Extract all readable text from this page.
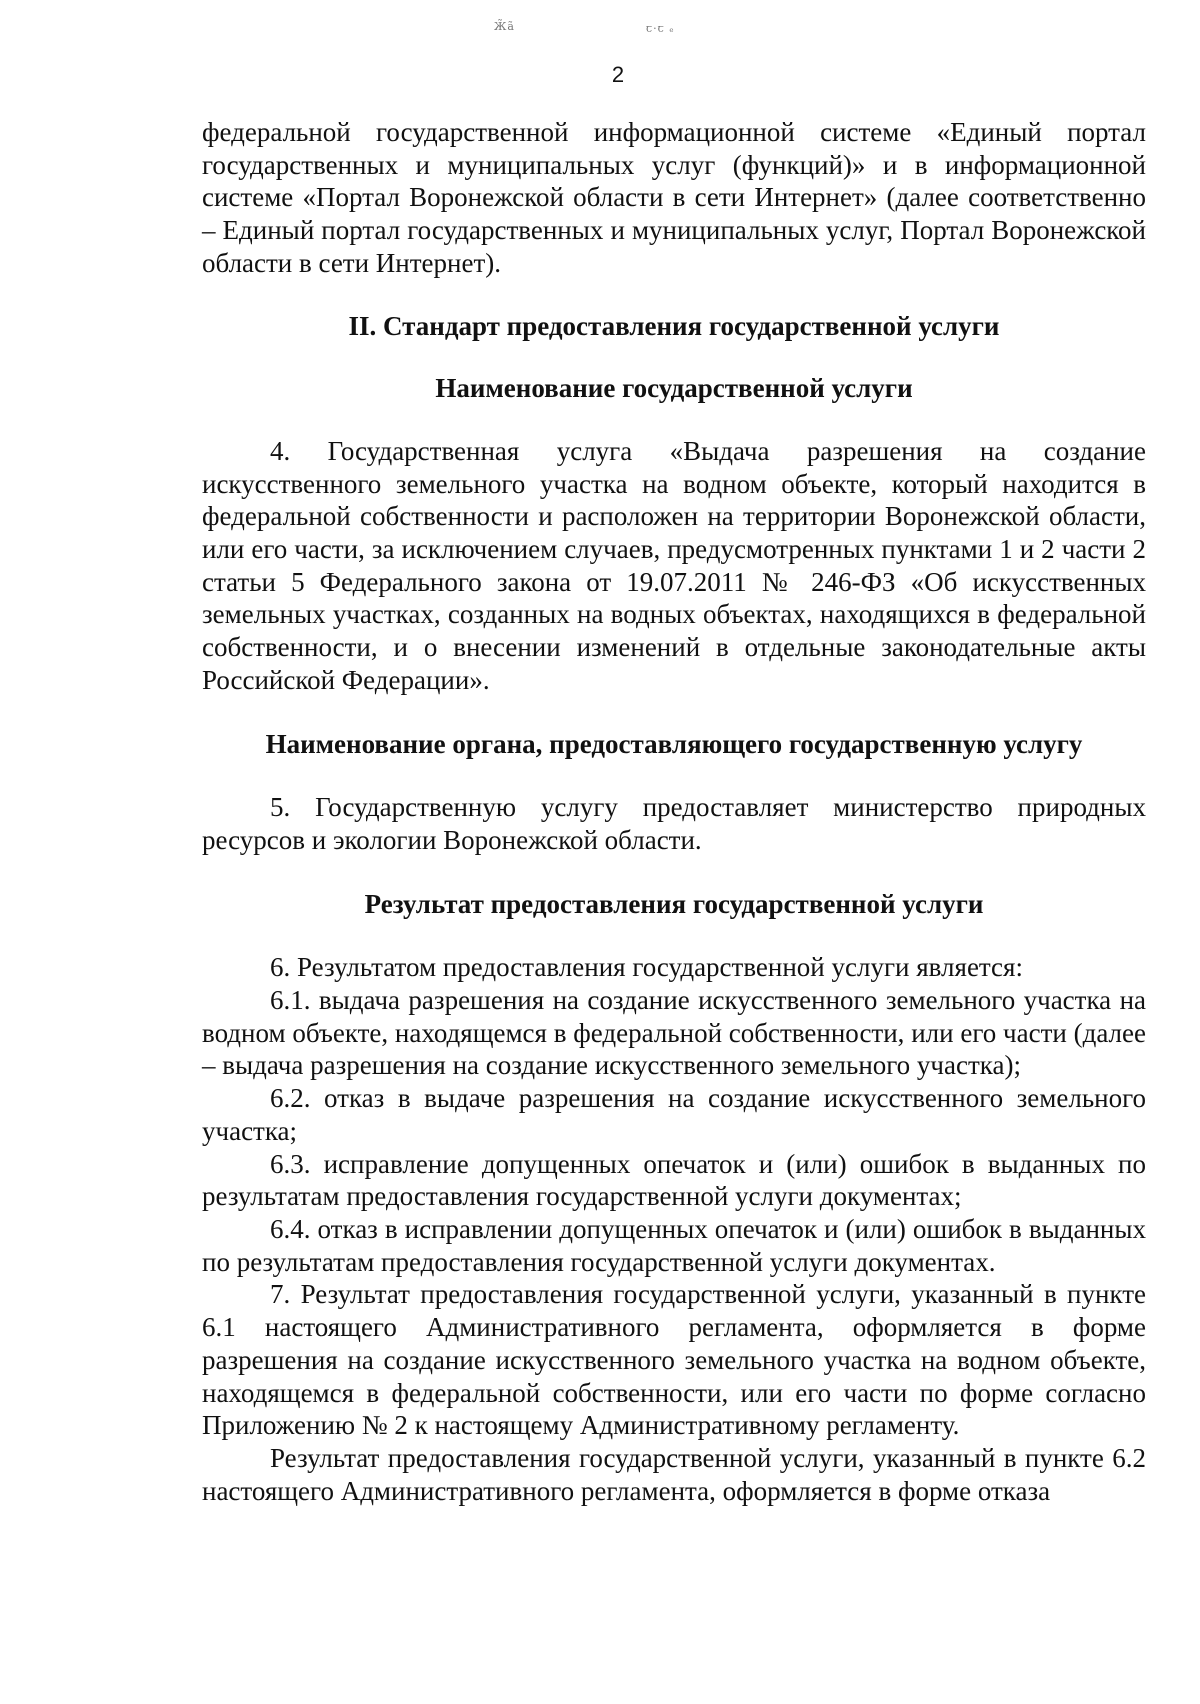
Ж̃а̃	ꞇ·ꞇ ₑ
2

федеральной государственной информационной системе «Единый портал государственных и муниципальных услуг (функций)» и в информационной системе «Портал Воронежской области в сети Интернет» (далее соответственно – Единый портал государственных и муниципальных услуг, Портал Воронежской области в сети Интернет).

II. Стандарт предоставления государственной услуги
Наименование государственной услуги

4. Государственная услуга «Выдача разрешения на создание искусственного земельного участка на водном объекте, который находится в федеральной собственности и расположен на территории Воронежской области, или его части, за исключением случаев, предусмотренных пунктами 1 и 2 части 2 статьи 5 Федерального закона от 19.07.2011 № 246-ФЗ «Об искусственных земельных участках, созданных на водных объектах, находящихся в федеральной собственности, и о внесении изменений в отдельные законодательные акты Российской Федерации».

Наименование органа, предоставляющего государственную услугу

5. Государственную услугу предоставляет министерство природных ресурсов и экологии Воронежской области.

Результат предоставления государственной услуги

6. Результатом предоставления государственной услуги является:

6.1. выдача разрешения на создание искусственного земельного участка на водном объекте, находящемся в федеральной собственности, или его части (далее – выдача разрешения на создание искусственного земельного участка);

6.2. отказ в выдаче разрешения на создание искусственного земельного участка;

6.3. исправление допущенных опечаток и (или) ошибок в выданных по результатам предоставления государственной услуги документах;

6.4. отказ в исправлении допущенных опечаток и (или) ошибок в выданных по результатам предоставления государственной услуги документах.

7. Результат предоставления государственной услуги, указанный в пункте 6.1 настоящего Административного регламента, оформляется в форме разрешения на создание искусственного земельного участка на водном объекте, находящемся в федеральной собственности, или его части по форме согласно Приложению № 2 к настоящему Административному регламенту.

Результат предоставления государственной услуги, указанный в пункте 6.2 настоящего Административного регламента, оформляется в форме отказа
